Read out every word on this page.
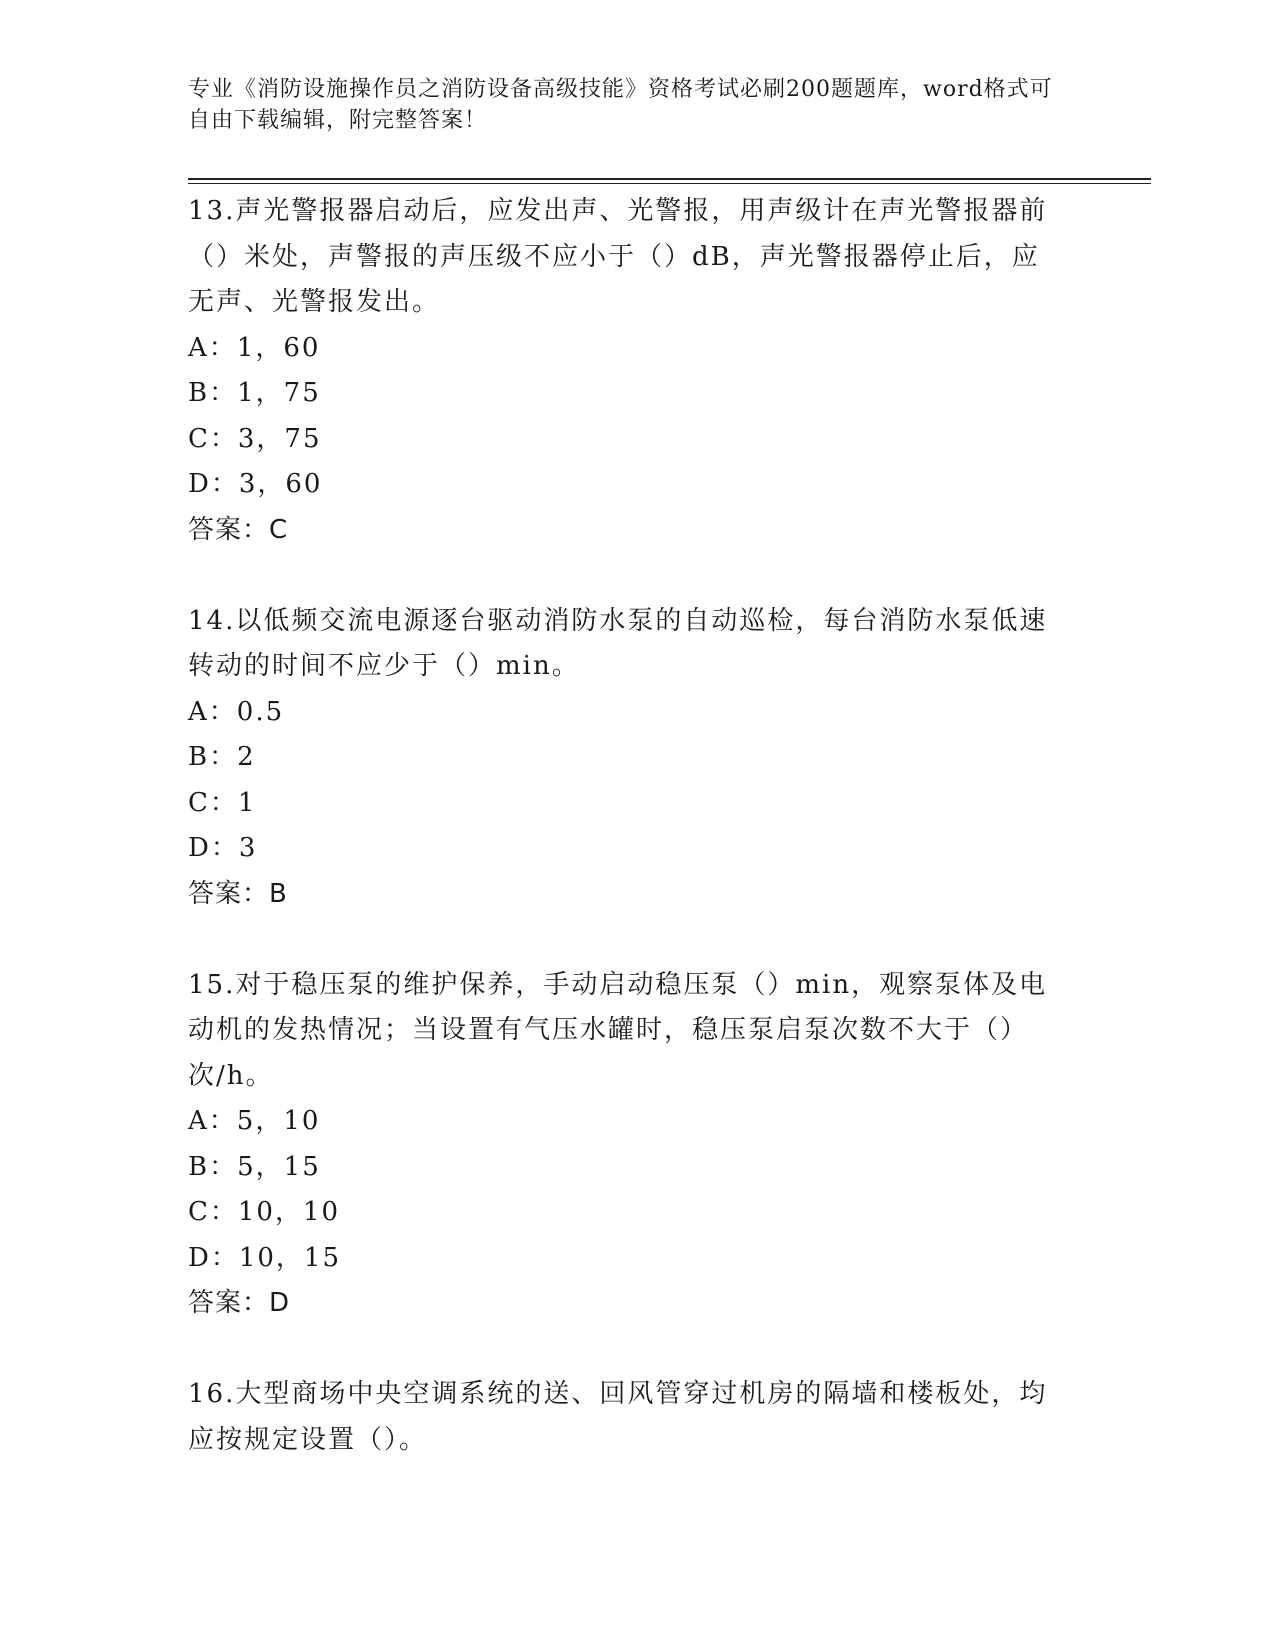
专业《消防设施操作员之消防设备高级技能》资格考试必刷200题题库，word格式可自由下载编辑，附完整答案！

13.声光警报器启动后，应发出声、光警报，用声级计在声光警报器前

（）米处，声警报的声压级不应小于（）dB，声光警报器停止后，应

无声、光警报发出。

A：1，60

B：1，75

C：3，75

D：3，60

答案：C

14.以低频交流电源逐台驱动消防水泵的自动巡检，每台消防水泵低速

转动的时间不应少于（）min。

A：0.5

B：2

C：1

D：3

答案：B

15.对于稳压泵的维护保养，手动启动稳压泵（）min，观察泵体及电

动机的发热情况；当设置有气压水罐时，稳压泵启泵次数不大于（）

次/h。

A：5，10

B：5，15

C：10，10

D：10，15

答案：D

16.大型商场中央空调系统的送、回风管穿过机房的隔墙和楼板处，均

应按规定设置（）。
